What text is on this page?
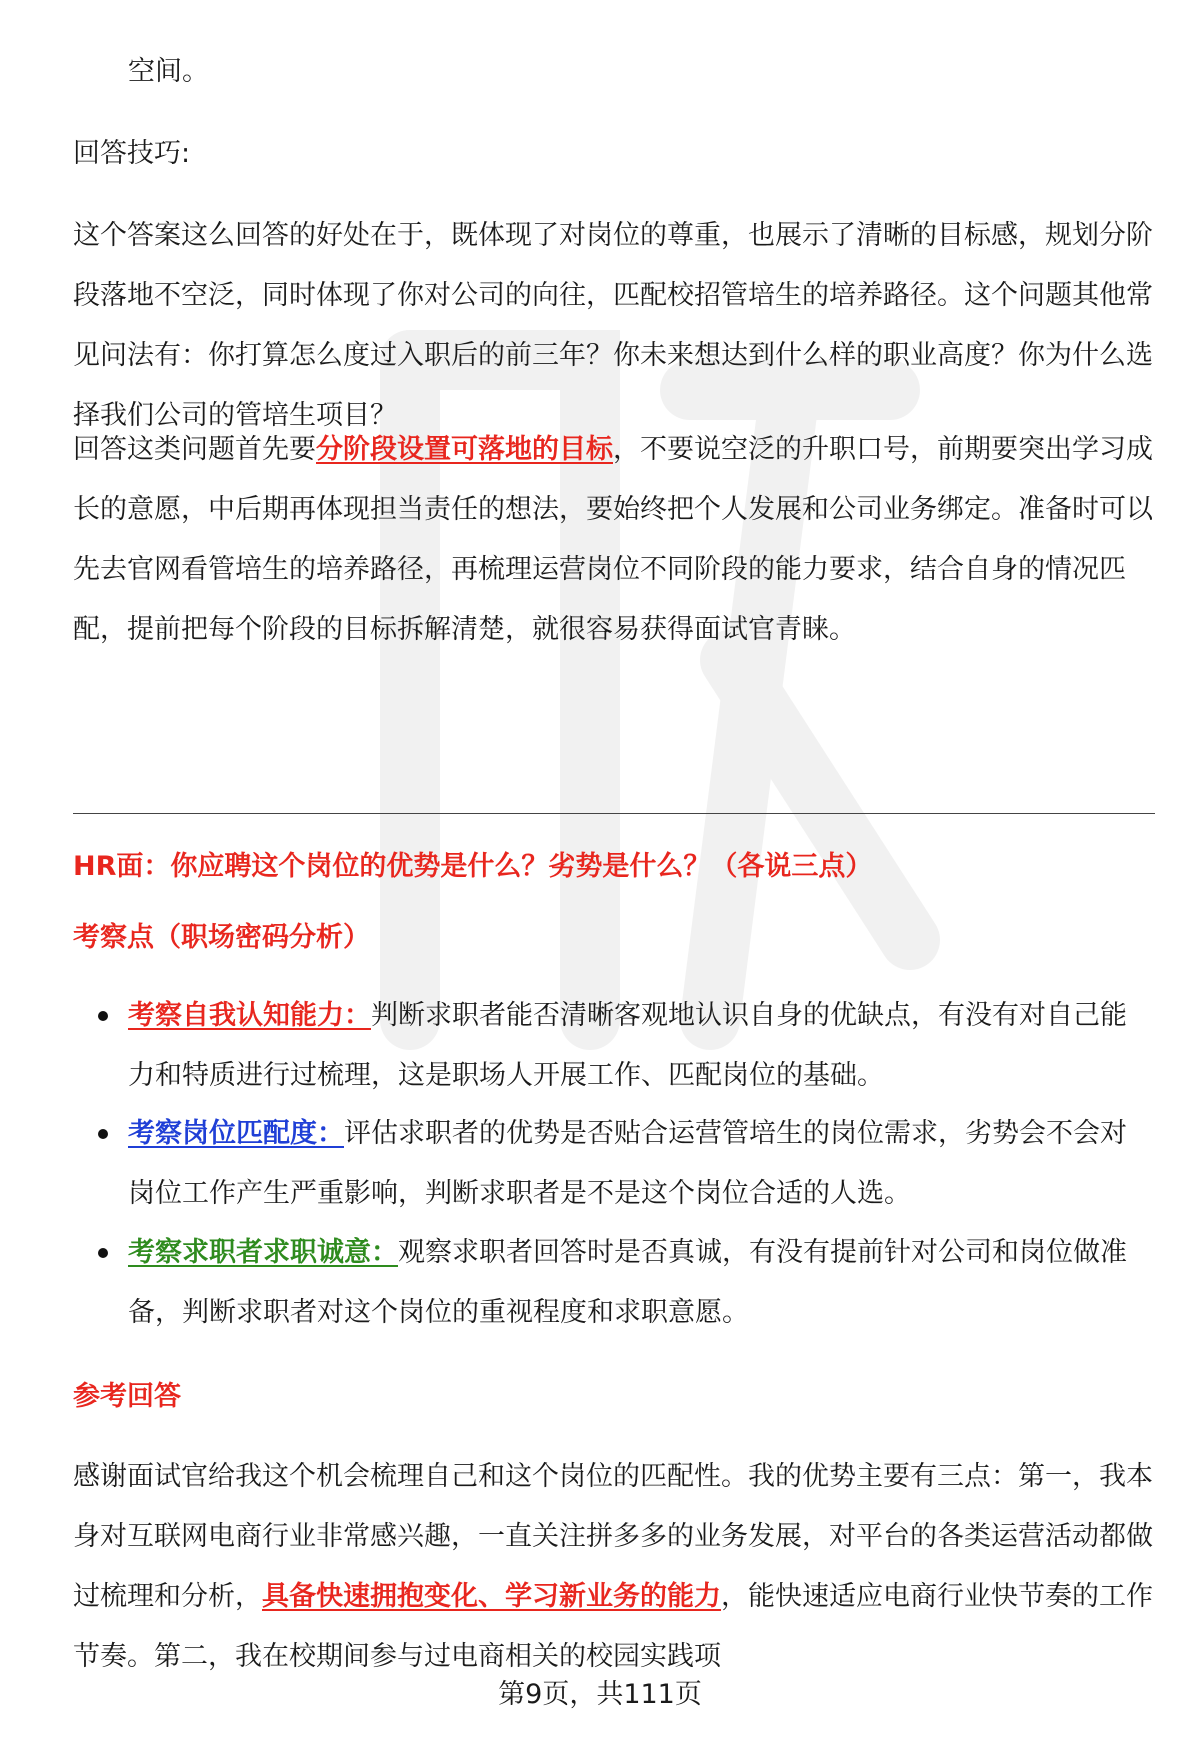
空间。
回答技巧:
这个答案这么回答的好处在于，既体现了对岗位的尊重，也展示了清晰的目标感，规划分阶段落地不空泛，同时体现了你对公司的向往，匹配校招管培生的培养路径。这个问题其他常见问法有：你打算怎么度过入职后的前三年？你未来想达到什么样的职业高度？你为什么选择我们公司的管培生项目？
回答这类问题首先要分阶段设置可落地的目标，不要说空泛的升职口号，前期要突出学习成长的意愿，中后期再体现担当责任的想法，要始终把个人发展和公司业务绑定。准备时可以先去官网看管培生的培养路径，再梳理运营岗位不同阶段的能力要求，结合自身的情况匹配，提前把每个阶段的目标拆解清楚，就很容易获得面试官青睐。
HR面：你应聘这个岗位的优势是什么？劣势是什么？（各说三点）
考察点（职场密码分析）
考察自我认知能力：判断求职者能否清晰客观地认识自身的优缺点，有没有对自己能力和特质进行过梳理，这是职场人开展工作、匹配岗位的基础。
考察岗位匹配度：评估求职者的优势是否贴合运营管培生的岗位需求，劣势会不会对岗位工作产生严重影响，判断求职者是不是这个岗位合适的人选。
考察求职者求职诚意：观察求职者回答时是否真诚，有没有提前针对公司和岗位做准备，判断求职者对这个岗位的重视程度和求职意愿。
参考回答
感谢面试官给我这个机会梳理自己和这个岗位的匹配性。我的优势主要有三点：第一，我本身对互联网电商行业非常感兴趣，一直关注拼多多的业务发展，对平台的各类运营活动都做过梳理和分析，具备快速拥抱变化、学习新业务的能力，能快速适应电商行业快节奏的工作节奏。第二，我在校期间参与过电商相关的校园实践项
第9页，共111页
